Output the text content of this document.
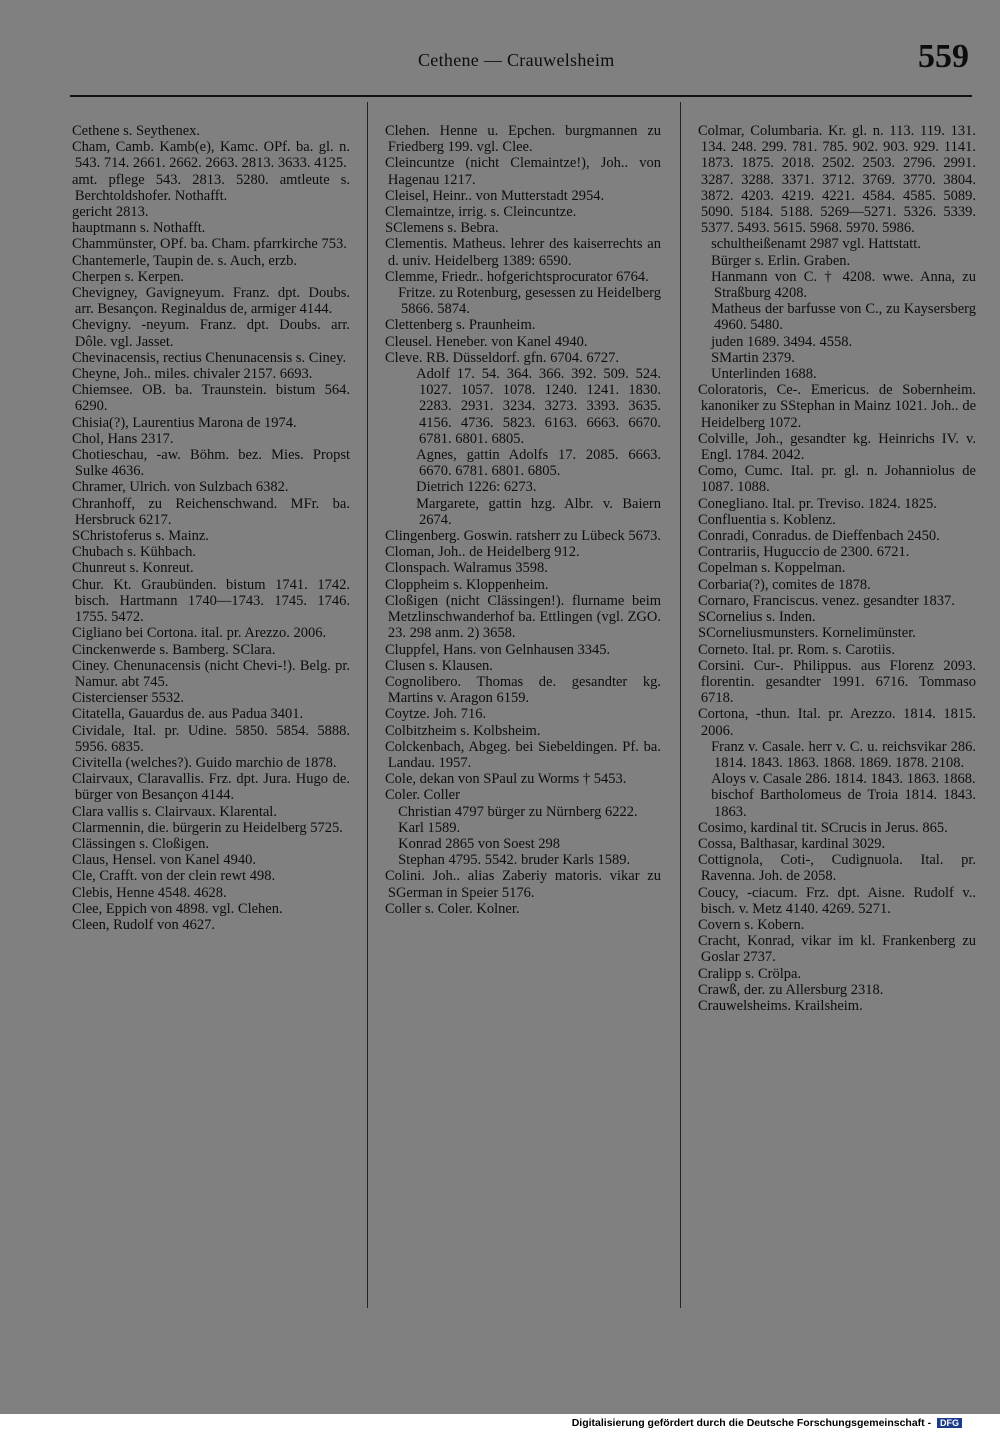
Cethene — Crauwelsheim	559
Cethene s. Seythenex.
Cham, Camb. Kamb(e), Kamc. OPf. ba. gl. n. 543. 714. 2661. 2662. 2663. 2813. 3633. 4125.
amt. pflege 543. 2813. 5280. amtleute s. Berchtoldshofer. Nothafft.
gericht 2813.
hauptmann s. Nothafft.
Chammünster, OPf. ba. Cham. pfarrkirche 753.
Chantemerle, Taupin de. s. Auch, erzb.
Cherpen s. Kerpen.
Chevigney, Gavigneyum. Franz. dpt. Doubs. arr. Besançon. Reginaldus de, armiger 4144.
Chevigny. -neyum. Franz. dpt. Doubs. arr. Dôle. vgl. Jasset.
Chevinacensis, rectius Chenunacensis s. Ciney.
Cheyne, Joh.. miles. chivaler 2157. 6693.
Chiemsee. OB. ba. Traunstein. bistum 564. 6290.
Chisia(?), Laurentius Marona de 1974.
Chol, Hans 2317.
Chotieschau, -aw. Böhm. bez. Mies. Propst Sulke 4636.
Chramer, Ulrich. von Sulzbach 6382.
Chranhoff, zu Reichenschwand. MFr. ba. Hersbruck 6217.
SChristoferus s. Mainz.
Chubach s. Kühbach.
Chunreut s. Konreut.
Chur. Kt. Graubünden. bistum 1741. 1742. bisch. Hartmann 1740—1743. 1745. 1746. 1755. 5472.
Cigliano bei Cortona. ital. pr. Arezzo. 2006.
Cinckenwerde s. Bamberg. SClara.
Ciney. Chenunacensis (nicht Chevi-!). Belg. pr. Namur. abt 745.
Cistercienser 5532.
Citatella, Gauardus de. aus Padua 3401.
Cividale, Ital. pr. Udine. 5850. 5854. 5888. 5956. 6835.
Civitella (welches?). Guido marchio de 1878.
Clairvaux, Claravallis. Frz. dpt. Jura. Hugo de. bürger von Besançon 4144.
Clara vallis s. Clairvaux. Klarental.
Clarmennin, die. bürgerin zu Heidelberg 5725.
Clässingen s. Cloßigen.
Claus, Hensel. von Kanel 4940.
Cle, Crafft. von der clein rewt 498.
Clebis, Henne 4548. 4628.
Clee, Eppich von 4898. vgl. Clehen.
Cleen, Rudolf von 4627.
Clehen. Henne u. Epchen. burgmannen zu Friedberg 199. vgl. Clee.
Cleincuntze (nicht Clemaintze!), Joh.. von Hagenau 1217.
Cleisel, Heinr.. von Mutterstadt 2954.
Clemaintze, irrig. s. Cleincuntze.
SClemens s. Bebra.
Clementis. Matheus. lehrer des kaiserrechts an d. univ. Heidelberg 1389: 6590.
Clemme, Friedr.. hofgerichtsprocurator 6764.
Fritze. zu Rotenburg, gesessen zu Heidelberg 5866. 5874.
Clettenberg s. Praunheim.
Cleusel. Heneber. von Kanel 4940.
Cleve. RB. Düsseldorf. gfn. 6704. 6727.
Adolf 17. 54. 364. 366. 392. 509. 524. 1027. 1057. 1078. 1240. 1241. 1830. 2283. 2931. 3234. 3273. 3393. 3635. 4156. 4736. 5823. 6163. 6663. 6670. 6781. 6801. 6805.
Agnes, gattin Adolfs 17. 2085. 6663. 6670. 6781. 6801. 6805.
Dietrich 1226: 6273.
Margarete, gattin hzg. Albr. v. Baiern 2674.
Clingenberg. Goswin. ratsherr zu Lübeck 5673.
Cloman, Joh.. de Heidelberg 912.
Clonspach. Walramus 3598.
Cloppheim s. Kloppenheim.
Cloßigen (nicht Clässingen!). flurname beim Metzlinschwanderhof ba. Ettlingen (vgl. ZGO. 23. 298 anm. 2) 3658.
Cluppfel, Hans. von Gelnhausen 3345.
Clusen s. Klausen.
Cognolibero. Thomas de. gesandter kg. Martins v. Aragon 6159.
Coytze. Joh. 716.
Colbitzheim s. Kolbsheim.
Colckenbach, Abgeg. bei Siebeldingen. Pf. ba. Landau. 1957.
Cole, dekan von SPaul zu Worms † 5453.
Coler. Coller
Christian 4797 bürger zu Nürnberg 6222.
Karl 1589.
Konrad 2865 von Soest 298
Stephan 4795. 5542. bruder Karls 1589.
Colini. Joh.. alias Zaberiy matoris. vikar zu SGerman in Speier 5176.
Coller s. Coler. Kolner.
Colmar, Columbaria. Kr. gl. n. 113. 119. 131. 134. 248. 299. 781. 785. 902. 903. 929. 1141. 1873. 1875. 2018. 2502. 2503. 2796. 2991. 3287. 3288. 3371. 3712. 3769. 3770. 3804. 3872. 4203. 4219. 4221. 4584. 4585. 5089. 5090. 5184. 5188. 5269—5271. 5326. 5339. 5377. 5493. 5615. 5968. 5970. 5986.
schultheißenamt 2987 vgl. Hattstatt.
Bürger s. Erlin. Graben.
Hanmann von C. † 4208. wwe. Anna, zu Straßburg 4208.
Matheus der barfusse von C., zu Kaysersberg 4960. 5480.
juden 1689. 3494. 4558.
SMartin 2379.
Unterlinden 1688.
Coloratoris, Ce-. Emericus. de Sobernheim. kanoniker zu SStephan in Mainz 1021. Joh.. de Heidelberg 1072.
Colville, Joh., gesandter kg. Heinrichs IV. v. Engl. 1784. 2042.
Como, Cumc. Ital. pr. gl. n. Johanniolus de 1087. 1088.
Conegliano. Ital. pr. Treviso. 1824. 1825.
Confluentia s. Koblenz.
Conradi, Conradus. de Dieffenbach 2450.
Contrariis, Huguccio de 2300. 6721.
Copelman s. Koppelman.
Corbaria(?), comites de 1878.
Cornaro, Franciscus. venez. gesandter 1837.
SCornelius s. Inden.
SCorneliusmunsters. Kornelimünster.
Corneto. Ital. pr. Rom. s. Carotiis.
Corsini. Cur-. Philippus. aus Florenz 2093. florentin. gesandter 1991. 6716. Tommaso 6718.
Cortona, -thun. Ital. pr. Arezzo. 1814. 1815. 2006.
Franz v. Casale. herr v. C. u. reichsvikar 286. 1814. 1843. 1863. 1868. 1869. 1878. 2108.
Aloys v. Casale 286. 1814. 1843. 1863. 1868.
bischof Bartholomeus de Troia 1814. 1843. 1863.
Cosimo, kardinal tit. SCrucis in Jerus. 865.
Cossa, Balthasar, kardinal 3029.
Cottignola, Coti-, Cudignuola. Ital. pr. Ravenna. Joh. de 2058.
Coucy, -ciacum. Frz. dpt. Aisne. Rudolf v.. bisch. v. Metz 4140. 4269. 5271.
Covern s. Kobern.
Cracht, Konrad, vikar im kl. Frankenberg zu Goslar 2737.
Cralipp s. Crölpa.
Crawß, der. zu Allersburg 2318.
Crauwelsheims. Krailsheim.
Digitalisierung gefördert durch die Deutsche Forschungsgemeinschaft - DFG
